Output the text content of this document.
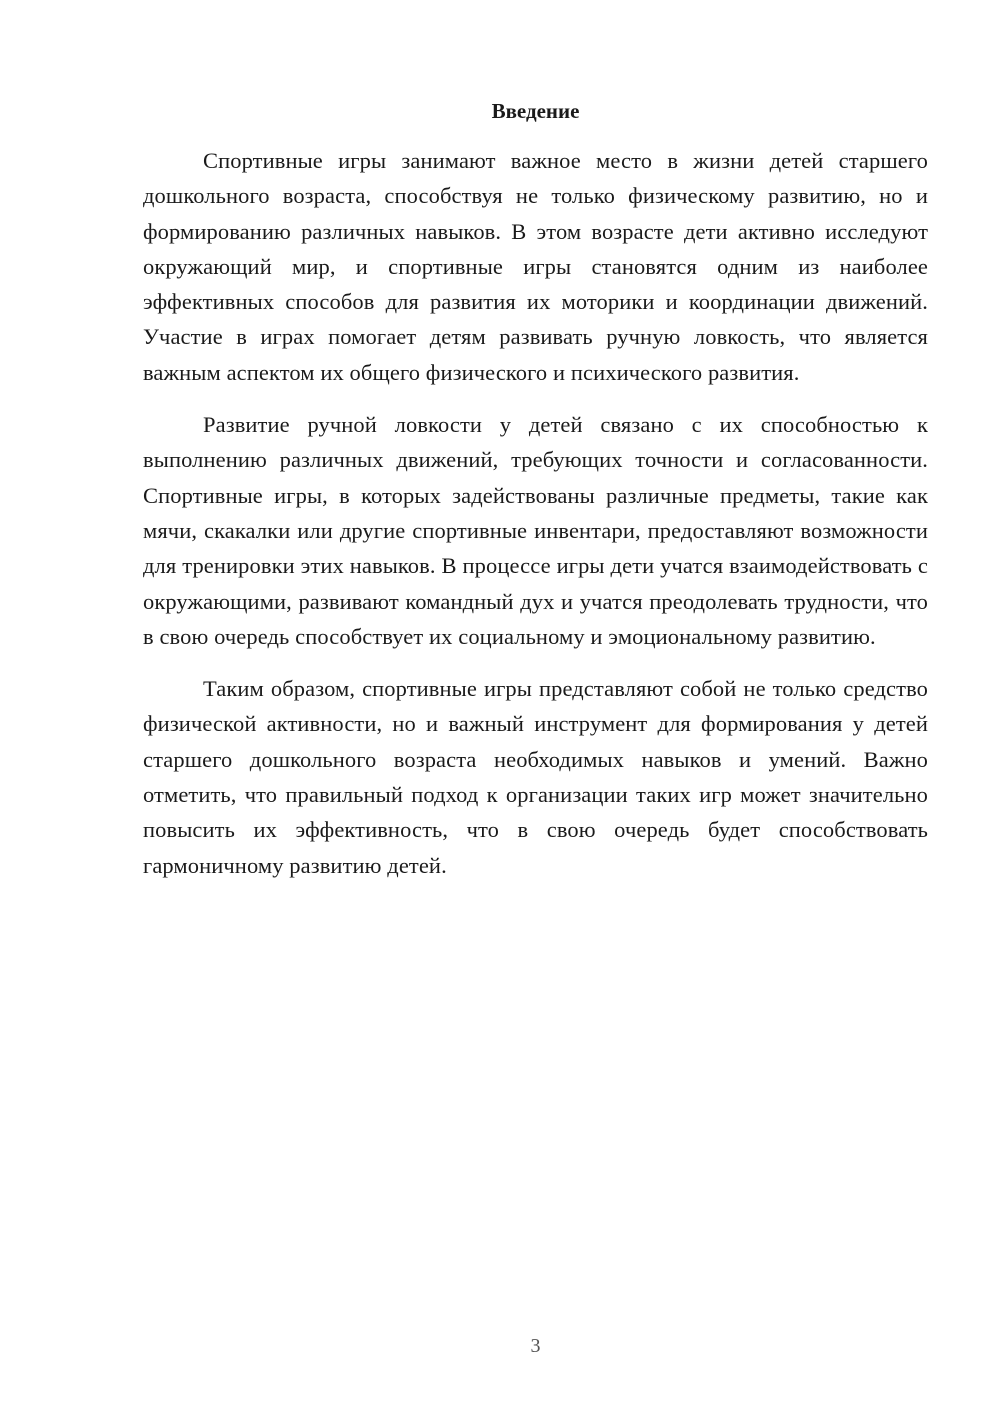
Введение

Спортивные игры занимают важное место в жизни детей старшего дошкольного возраста, способствуя не только физическому развитию, но и формированию различных навыков. В этом возрасте дети активно исследуют окружающий мир, и спортивные игры становятся одним из наиболее эффективных способов для развития их моторики и координации движений. Участие в играх помогает детям развивать ручную ловкость, что является важным аспектом их общего физического и психического развития.

Развитие ручной ловкости у детей связано с их способностью к выполнению различных движений, требующих точности и согласованности. Спортивные игры, в которых задействованы различные предметы, такие как мячи, скакалки или другие спортивные инвентари, предоставляют возможности для тренировки этих навыков. В процессе игры дети учатся взаимодействовать с окружающими, развивают командный дух и учатся преодолевать трудности, что в свою очередь способствует их социальному и эмоциональному развитию.

Таким образом, спортивные игры представляют собой не только средство физической активности, но и важный инструмент для формирования у детей старшего дошкольного возраста необходимых навыков и умений. Важно отметить, что правильный подход к организации таких игр может значительно повысить их эффективность, что в свою очередь будет способствовать гармоничному развитию детей.

3
